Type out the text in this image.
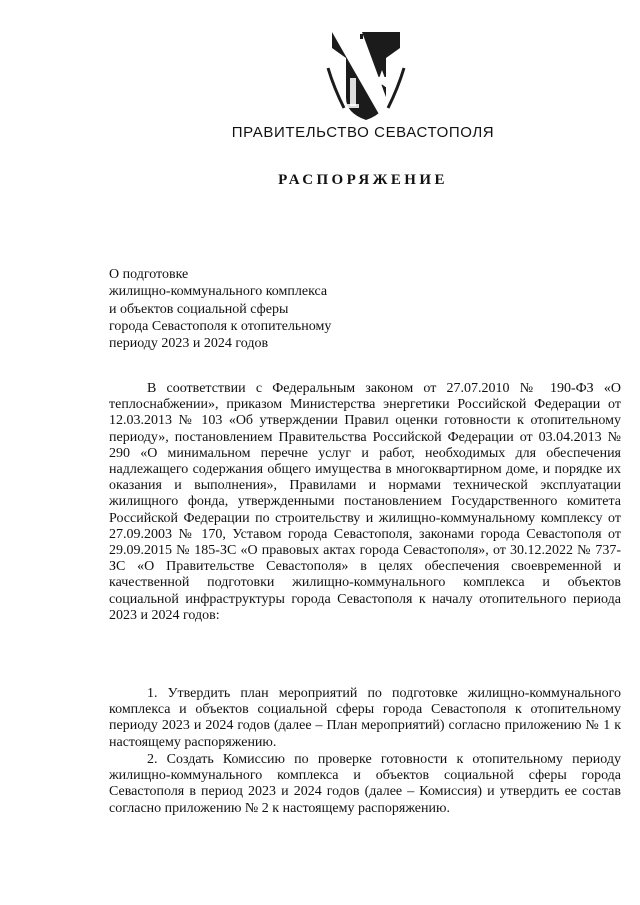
ПРАВИТЕЛЬСТВО СЕВАСТОПОЛЯ
РАСПОРЯЖЕНИЕ
О подготовке
жилищно-коммунального комплекса
и объектов социальной сферы
города Севастополя к отопительному
периоду 2023 и 2024 годов
В соответствии с Федеральным законом от 27.07.2010 № 190-ФЗ «О теплоснабжении», приказом Министерства энергетики Российской Федерации от 12.03.2013 № 103 «Об утверждении Правил оценки готовности к отопительному периоду», постановлением Правительства Российской Федерации от 03.04.2013 № 290 «О минимальном перечне услуг и работ, необходимых для обеспечения надлежащего содержания общего имущества в многоквартирном доме, и порядке их оказания и выполнения», Правилами и нормами технической эксплуатации жилищного фонда, утвержденными постановлением Государственного комитета Российской Федерации по строительству и жилищно-коммунальному комплексу от 27.09.2003 № 170, Уставом города Севастополя, законами города Севастополя от 29.09.2015 № 185-ЗС «О правовых актах города Севастополя», от 30.12.2022 № 737-ЗС «О Правительстве Севастополя» в целях обеспечения своевременной и качественной подготовки жилищно-коммунального комплекса и объектов социальной инфраструктуры города Севастополя к началу отопительного периода 2023 и 2024 годов:
1. Утвердить план мероприятий по подготовке жилищно-коммунального комплекса и объектов социальной сферы города Севастополя к отопительному периоду 2023 и 2024 годов (далее – План мероприятий) согласно приложению № 1 к настоящему распоряжению.
2. Создать Комиссию по проверке готовности к отопительному периоду жилищно-коммунального комплекса и объектов социальной сферы города Севастополя в период 2023 и 2024 годов (далее – Комиссия) и утвердить ее состав согласно приложению № 2 к настоящему распоряжению.
